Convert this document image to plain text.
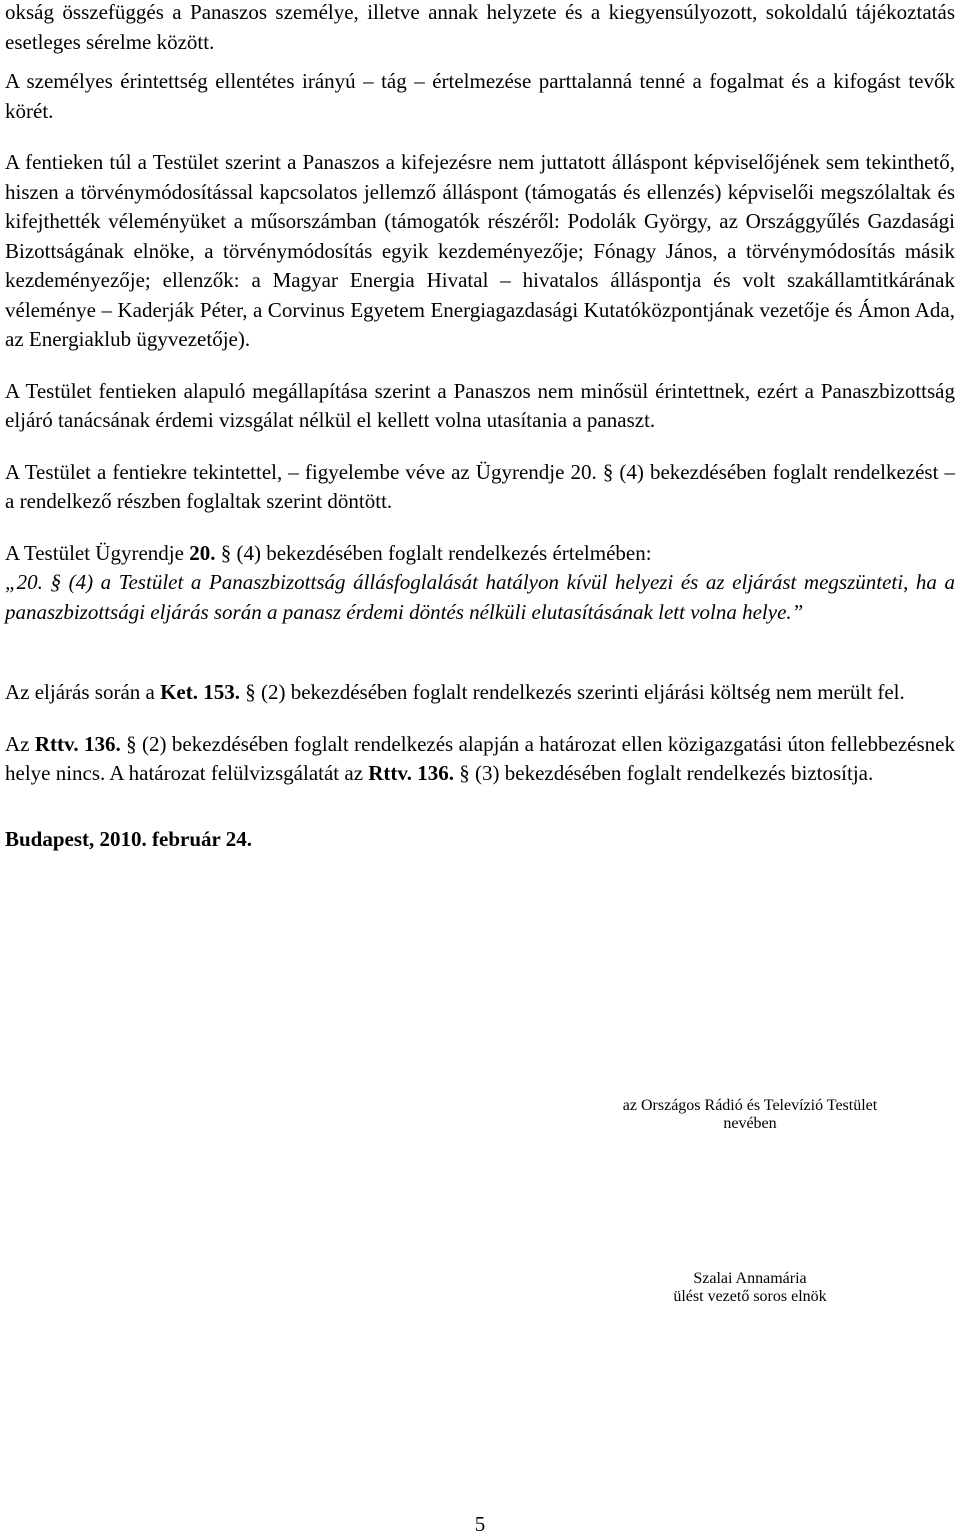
okság összefüggés a Panaszos személye, illetve annak helyzete és a kiegyensúlyozott, sokoldalú tájékoztatás esetleges sérelme között.

A személyes érintettség ellentétes irányú – tág – értelmezése parttalanná tenné a fogalmat és a kifogást tevők körét.

A fentieken túl a Testület szerint a Panaszos a kifejezésre nem juttatott álláspont képviselőjének sem tekinthető, hiszen a törvénymódosítással kapcsolatos jellemző álláspont (támogatás és ellenzés) képviselői megszólaltak és kifejthették véleményüket a műsorszámban (támogatók részéről: Podolák György, az Országgyűlés Gazdasági Bizottságának elnöke, a törvénymódosítás egyik kezdeményezője; Fónagy János, a törvénymódosítás másik kezdeményezője; ellenzők: a Magyar Energia Hivatal – hivatalos álláspontja és volt szakállamtitkárának véleménye – Kaderják Péter, a Corvinus Egyetem Energiagazdasági Kutatóközpontjának vezetője és Ámon Ada, az Energiaklub ügyvezetője).

A Testület fentieken alapuló megállapítása szerint a Panaszos nem minősül érintettnek, ezért a Panaszbizottság eljáró tanácsának érdemi vizsgálat nélkül el kellett volna utasítania a panaszt.

A Testület a fentiekre tekintettel, – figyelembe véve az Ügyrendje 20. § (4) bekezdésében foglalt rendelkezést – a rendelkező részben foglaltak szerint döntött.

A Testület Ügyrendje 20. § (4) bekezdésében foglalt rendelkezés értelmében:

„20. § (4) a Testület a Panaszbizottság állásfoglalását hatályon kívül helyezi és az eljárást megszünteti, ha a panaszbizottsági eljárás során a panasz érdemi döntés nélküli elutasításának lett volna helye.”

Az eljárás során a Ket. 153. § (2) bekezdésében foglalt rendelkezés szerinti eljárási költség nem merült fel.

Az Rttv. 136. § (2) bekezdésében foglalt rendelkezés alapján a határozat ellen közigazgatási úton fellebbezésnek helye nincs. A határozat felülvizsgálatát az Rttv. 136. § (3) bekezdésében foglalt rendelkezés biztosítja.

Budapest, 2010. február 24.

az Országos Rádió és Televízió Testület
nevében
Szalai Annamária
ülést vezető soros elnök
5
